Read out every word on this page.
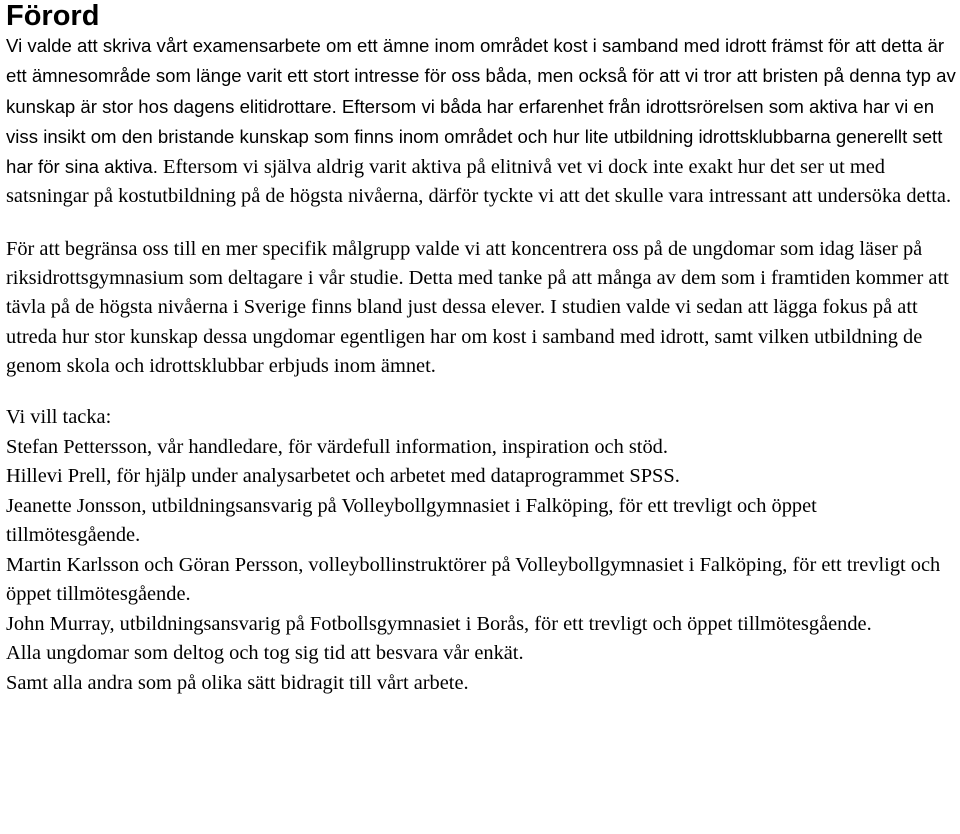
Förord

Vi valde att skriva vårt examensarbete om ett ämne inom området kost i samband med idrott främst för att detta är ett ämnesområde som länge varit ett stort intresse för oss båda, men också för att vi tror att bristen på denna typ av kunskap är stor hos dagens elitidrottare. Eftersom vi båda har erfarenhet från idrottsrörelsen som aktiva har vi en viss insikt om den bristande kunskap som finns inom området och hur lite utbildning idrottsklubbarna generellt sett har för sina aktiva. Eftersom vi själva aldrig varit aktiva på elitnivå vet vi dock inte exakt hur det ser ut med satsningar på kostutbildning på de högsta nivåerna, därför tyckte vi att det skulle vara intressant att undersöka detta.

För att begränsa oss till en mer specifik målgrupp valde vi att koncentrera oss på de ungdomar som idag läser på riksidrottsgymnasium som deltagare i vår studie. Detta med tanke på att många av dem som i framtiden kommer att tävla på de högsta nivåerna i Sverige finns bland just dessa elever. I studien valde vi sedan att lägga fokus på att utreda hur stor kunskap dessa ungdomar egentligen har om kost i samband med idrott, samt vilken utbildning de genom skola och idrottsklubbar erbjuds inom ämnet.

Vi vill tacka:

Stefan Pettersson, vår handledare, för värdefull information, inspiration och stöd.

Hillevi Prell, för hjälp under analysarbetet och arbetet med dataprogrammet SPSS.

Jeanette Jonsson, utbildningsansvarig på Volleybollgymnasiet i Falköping, för ett trevligt och öppet tillmötesgående.

Martin Karlsson och Göran Persson, volleybollinstruktörer på Volleybollgymnasiet i Falköping, för ett trevligt och öppet tillmötesgående.

John Murray, utbildningsansvarig på Fotbollsgymnasiet i Borås, för ett trevligt och öppet tillmötesgående.

Alla ungdomar som deltog och tog sig tid att besvara vår enkät.

Samt alla andra som på olika sätt bidragit till vårt arbete.
